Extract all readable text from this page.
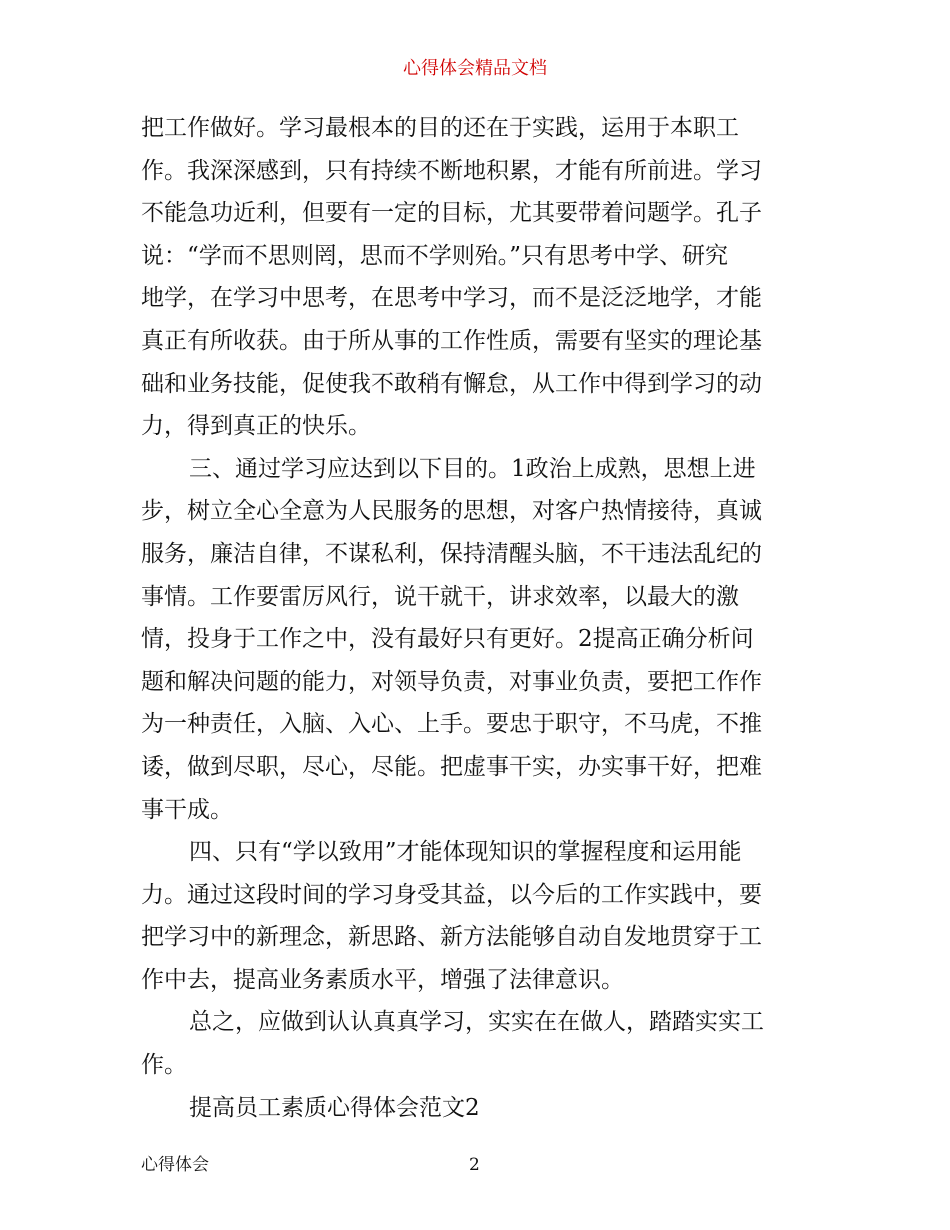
心得体会精品文档
把工作做好。学习最根本的目的还在于实践，运用于本职工
作。我深深感到，只有持续不断地积累，才能有所前进。学习
不能急功近利，但要有一定的目标，尤其要带着问题学。孔子
说：“学而不思则罔，思而不学则殆。”只有思考中学、研究
地学，在学习中思考，在思考中学习，而不是泛泛地学，才能
真正有所收获。由于所从事的工作性质，需要有坚实的理论基
础和业务技能，促使我不敢稍有懈怠，从工作中得到学习的动
力，得到真正的快乐。
三、通过学习应达到以下目的。1政治上成熟，思想上进
步，树立全心全意为人民服务的思想，对客户热情接待，真诚
服务，廉洁自律，不谋私利，保持清醒头脑，不干违法乱纪的
事情。工作要雷厉风行，说干就干，讲求效率，以最大的激
情，投身于工作之中，没有最好只有更好。2提高正确分析问
题和解决问题的能力，对领导负责，对事业负责，要把工作作
为一种责任，入脑、入心、上手。要忠于职守，不马虎，不推
诿，做到尽职，尽心，尽能。把虚事干实，办实事干好，把难
事干成。
四、只有“学以致用”才能体现知识的掌握程度和运用能
力。通过这段时间的学习身受其益，以今后的工作实践中，要
把学习中的新理念，新思路、新方法能够自动自发地贯穿于工
作中去，提高业务素质水平，增强了法律意识。
总之，应做到认认真真学习，实实在在做人，踏踏实实工
作。
提高员工素质心得体会范文2
心得体会	2
